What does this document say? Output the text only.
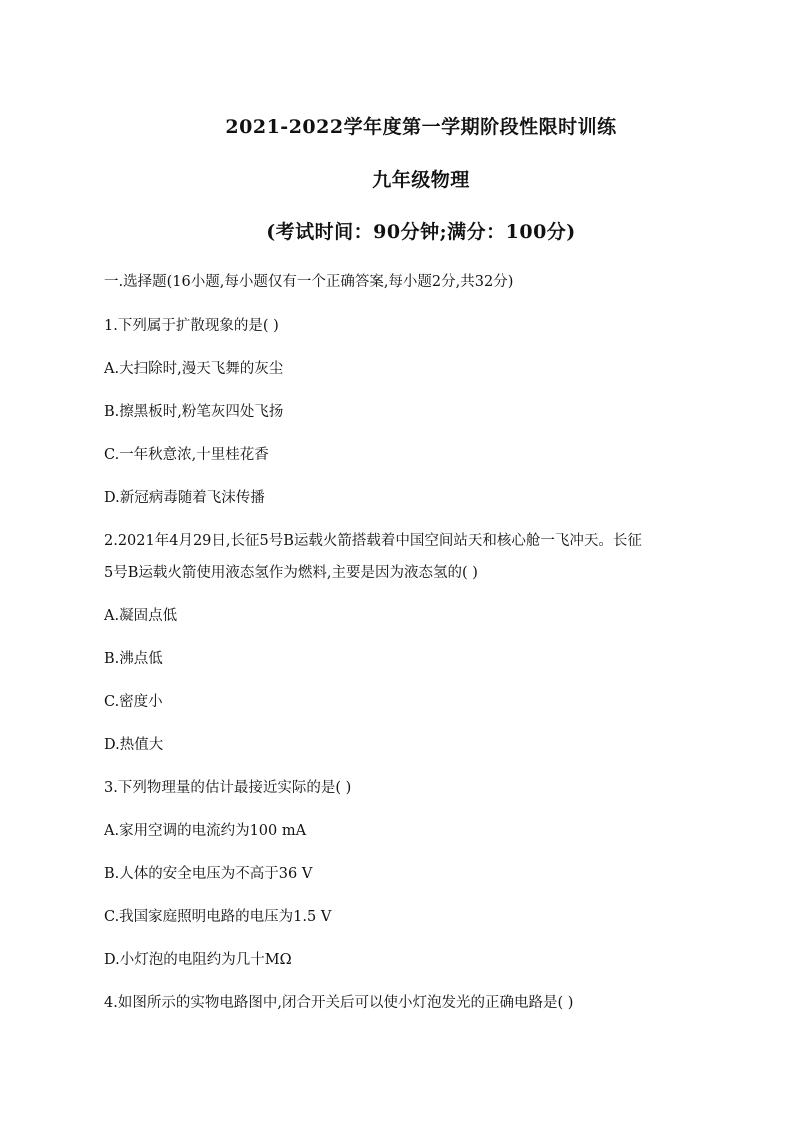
2021-2022学年度第一学期阶段性限时训练
九年级物理
(考试时间：90分钟;满分：100分)
一.选择题(16小题,每小题仅有一个正确答案,每小题2分,共32分)
1.下列属于扩散现象的是( )
A.大扫除时,漫天飞舞的灰尘
B.擦黑板时,粉笔灰四处飞扬
C.一年秋意浓,十里桂花香
D.新冠病毒随着飞沫传播
2.2021年4月29日,长征5号B运载火箭搭载着中国空间站天和核心舱一飞冲天。长征
5号B运载火箭使用液态氢作为燃料,主要是因为液态氢的( )
A.凝固点低
B.沸点低
C.密度小
D.热值大
3.下列物理量的估计最接近实际的是( )
A.家用空调的电流约为100 mA
B.人体的安全电压为不高于36 V
C.我国家庭照明电路的电压为1.5 V
D.小灯泡的电阻约为几十MΩ
4.如图所示的实物电路图中,闭合开关后可以使小灯泡发光的正确电路是( )
